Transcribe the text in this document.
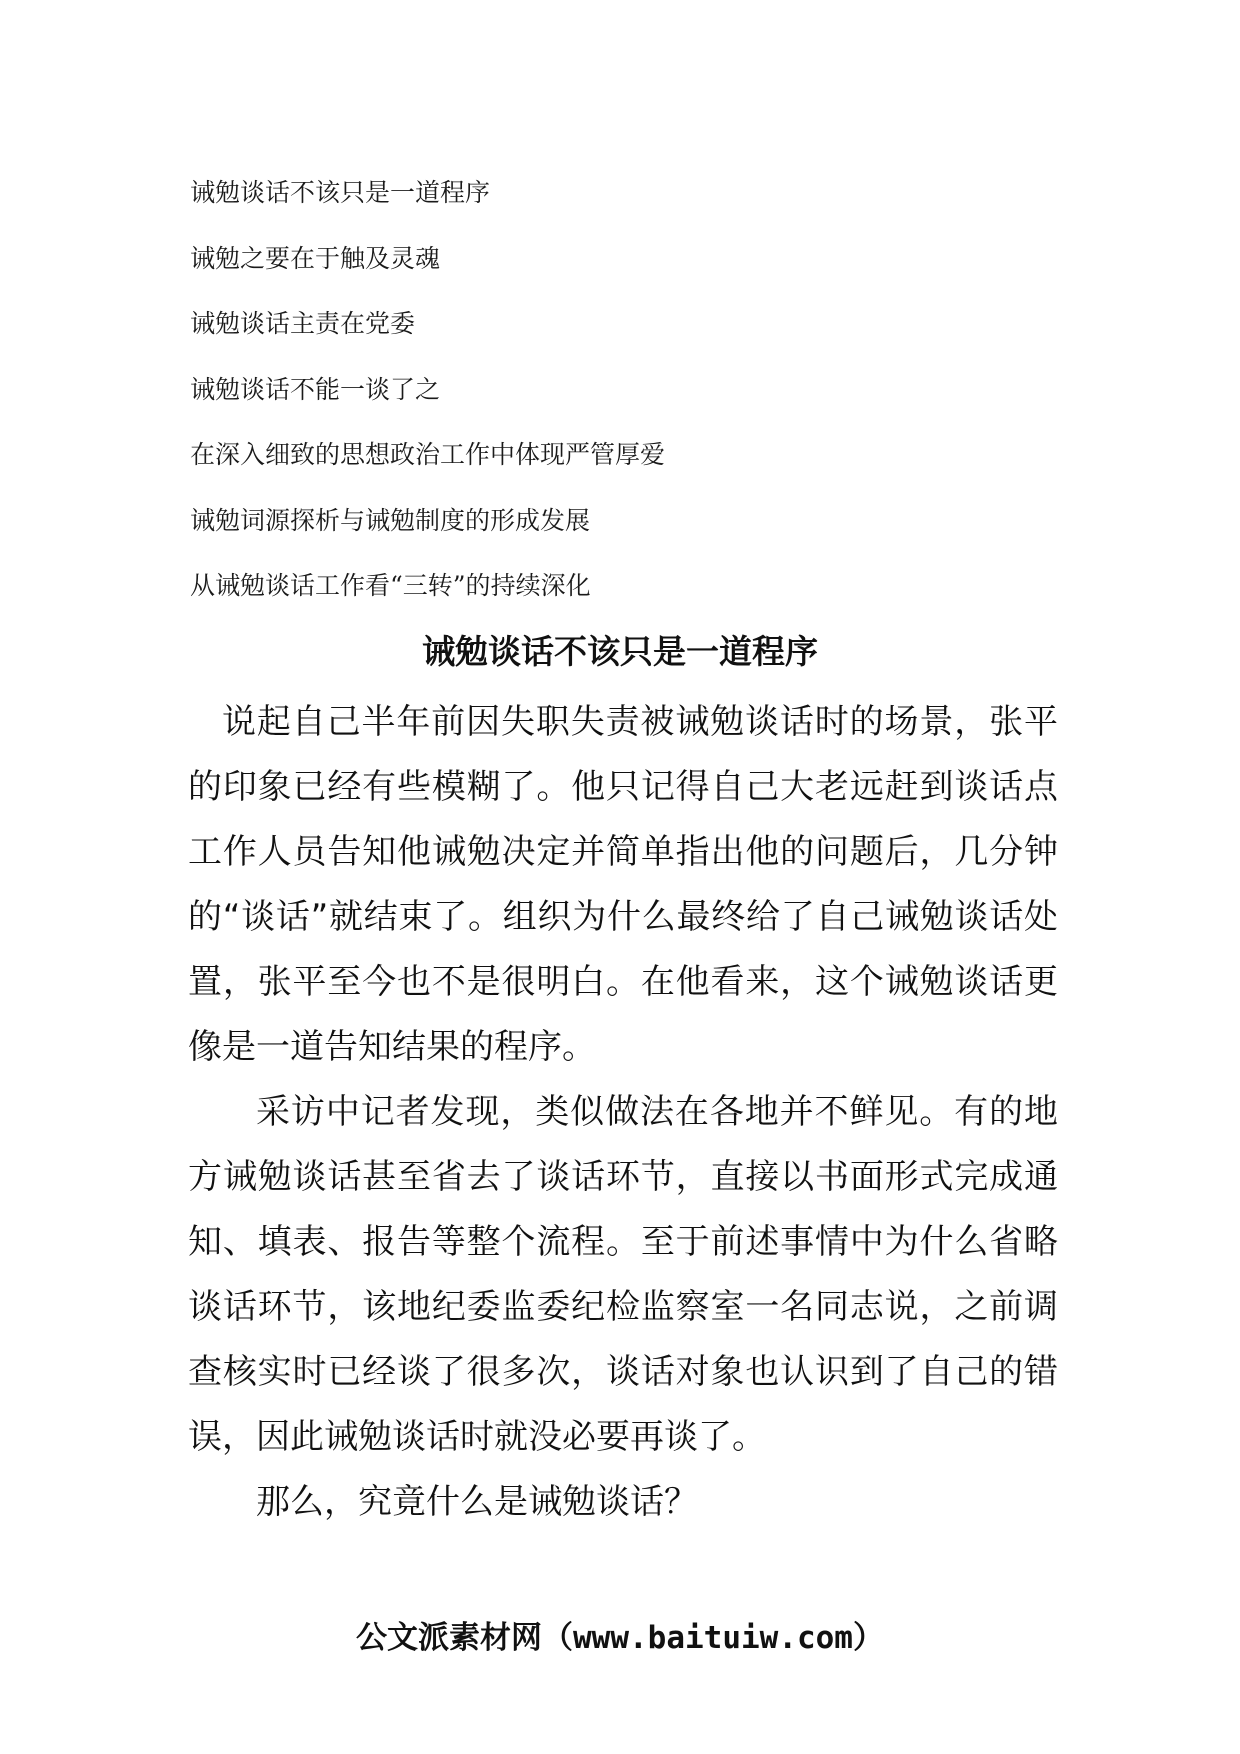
诫勉谈话不该只是一道程序
诫勉之要在于触及灵魂
诫勉谈话主责在党委
诫勉谈话不能一谈了之
在深入细致的思想政治工作中体现严管厚爱
诫勉词源探析与诫勉制度的形成发展
从诫勉谈话工作看“三转”的持续深化
诫勉谈话不该只是一道程序

说起自己半年前因失职失责被诫勉谈话时的场景，张平的印象已经有些模糊了。他只记得自己大老远赶到谈话点工作人员告知他诫勉决定并简单指出他的问题后，几分钟的“谈话”就结束了。组织为什么最终给了自己诫勉谈话处置，张平至今也不是很明白。在他看来，这个诫勉谈话更像是一道告知结果的程序。

采访中记者发现，类似做法在各地并不鲜见。有的地方诫勉谈话甚至省去了谈话环节，直接以书面形式完成通知、填表、报告等整个流程。至于前述事情中为什么省略谈话环节，该地纪委监委纪检监察室一名同志说，之前调查核实时已经谈了很多次，谈话对象也认识到了自己的错误，因此诫勉谈话时就没必要再谈了。

那么，究竟什么是诫勉谈话？

公文派素材网（www.baituiw.com）
